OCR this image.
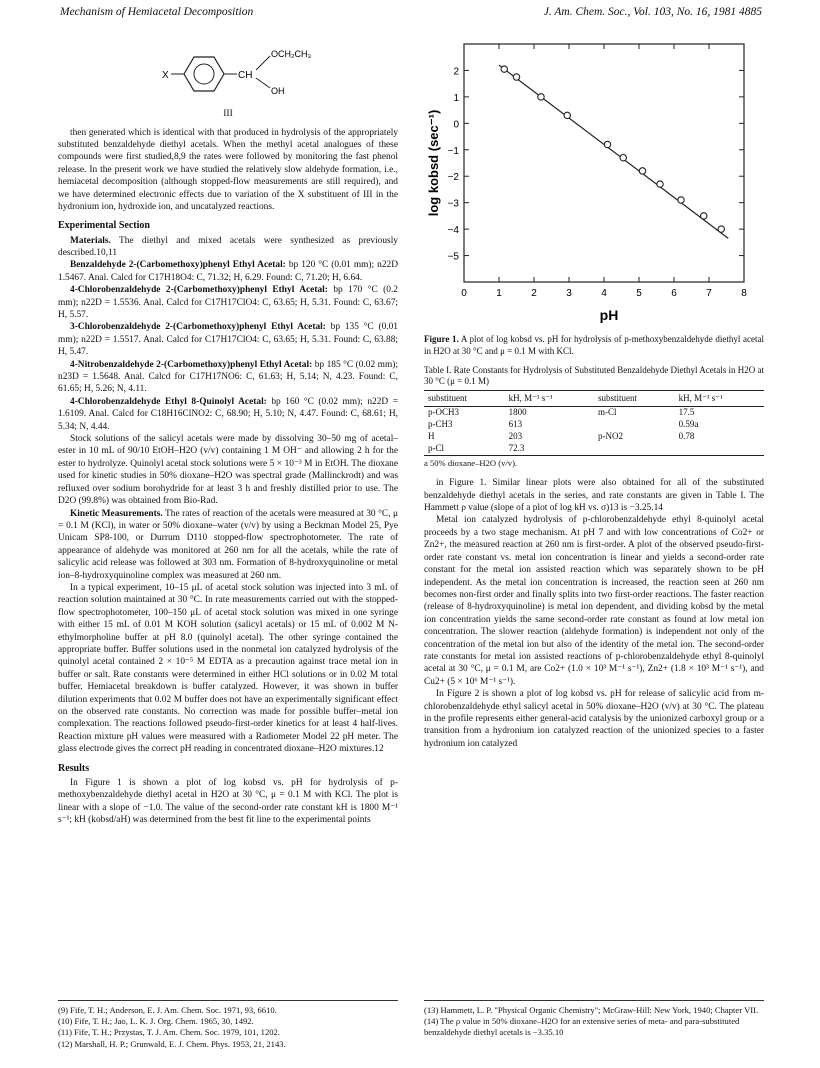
Mechanism of Hemiacetal Decomposition	J. Am. Chem. Soc., Vol. 103, No. 16, 1981 4885
X	CH
OCH₂CH₃
OH
III

then generated which is identical with that produced in hydrolysis of the appropriately substituted benzaldehyde diethyl acetals. When the methyl acetal analogues of these compounds were first studied,8,9 the rates were followed by monitoring the fast phenol release. In the present work we have studied the relatively slow aldehyde formation, i.e., hemiacetal decomposition (although stopped-flow measurements are still required), and we have determined electronic effects due to variation of the X substituent of III in the hydronium ion, hydroxide ion, and uncatalyzed reactions.

Experimental Section

Materials. The diethyl and mixed acetals were synthesized as previously described.10,11

Benzaldehyde 2-(Carbomethoxy)phenyl Ethyl Acetal: bp 120 °C (0.01 mm); n22D 1.5467. Anal. Calcd for C17H18O4: C, 71.32; H, 6.29. Found: C, 71.20; H, 6.64.

4-Chlorobenzaldehyde 2-(Carbomethoxy)phenyl Ethyl Acetal: bp 170 °C (0.2 mm); n22D = 1.5536. Anal. Calcd for C17H17ClO4: C, 63.65; H, 5.31. Found: C, 63.67; H, 5.57.

3-Chlorobenzaldehyde 2-(Carbomethoxy)phenyl Ethyl Acetal: bp 135 °C (0.01 mm); n22D = 1.5517. Anal. Calcd for C17H17ClO4: C, 63.65; H, 5.31. Found: C, 63.88; H, 5.47.

4-Nitrobenzaldehyde 2-(Carbomethoxy)phenyl Ethyl Acetal: bp 185 °C (0.02 mm); n23D = 1.5648. Anal. Calcd for C17H17NO6: C, 61.63; H, 5.14; N, 4.23. Found: C, 61.65; H, 5.26; N, 4.11.

4-Chlorobenzaldehyde Ethyl 8-Quinolyl Acetal: bp 160 °C (0.02 mm); n22D = 1.6109. Anal. Calcd for C18H16ClNO2: C, 68.90; H, 5.10; N, 4.47. Found: C, 68.61; H, 5.34; N, 4.44.

Stock solutions of the salicyl acetals were made by dissolving 30–50 mg of acetal–ester in 10 mL of 90/10 EtOH–H2O (v/v) containing 1 M OH⁻ and allowing 2 h for the ester to hydrolyze. Quinolyl acetal stock solutions were 5 × 10⁻³ M in EtOH. The dioxane used for kinetic studies in 50% dioxane–H2O was spectral grade (Mallinckrodt) and was refluxed over sodium borohydride for at least 3 h and freshly distilled prior to use. The D2O (99.8%) was obtained from Bio-Rad.

Kinetic Measurements. The rates of reaction of the acetals were measured at 30 °C, μ = 0.1 M (KCl), in water or 50% dioxane–water (v/v) by using a Beckman Model 25, Pye Unicam SP8-100, or Durrum D110 stopped-flow spectrophotometer. The rate of appearance of aldehyde was monitored at 260 nm for all the acetals, while the rate of salicylic acid release was followed at 303 nm. Formation of 8-hydroxyquinoline or metal ion–8-hydroxyquinoline complex was measured at 260 nm.

In a typical experiment, 10–15 μL of acetal stock solution was injected into 3 mL of reaction solution maintained at 30 °C. In rate measurements carried out with the stopped-flow spectrophotometer, 100–150 μL of acetal stock solution was mixed in one syringe with either 15 mL of 0.01 M KOH solution (salicyl acetals) or 15 mL of 0.002 M N-ethylmorpholine buffer at pH 8.0 (quinolyl acetal). The other syringe contained the appropriate buffer. Buffer solutions used in the nonmetal ion catalyzed hydrolysis of the quinolyl acetal contained 2 × 10⁻⁵ M EDTA as a precaution against trace metal ion in buffer or salt. Rate constants were determined in either HCl solutions or in 0.02 M total buffer. Hemiacetal breakdown is buffer catalyzed. However, it was shown in buffer dilution experiments that 0.02 M buffer does not have an experimentally significant effect on the observed rate constants. No correction was made for possible buffer–metal ion complexation. The reactions followed pseudo-first-order kinetics for at least 4 half-lives. Reaction mixture pH values were measured with a Radiometer Model 22 pH meter. The glass electrode gives the correct pH reading in concentrated dioxane–H2O mixtures.12

Results

In Figure 1 is shown a plot of log kobsd vs. pH for hydrolysis of p-methoxybenzaldehyde diethyl acetal in H2O at 30 °C, μ = 0.1 M with KCl. The plot is linear with a slope of −1.0. The value of the second-order rate constant kH is 1800 M⁻¹ s⁻¹; kH (kobsd/aH) was determined from the best fit line to the experimental points

0	1	2	3	4	5	6	7	8
2
1
0
−1
−2
−3
−4
−5
pH
log kobsd (sec⁻¹)
Figure 1. A plot of log kobsd vs. pH for hydrolysis of p-methoxybenzaldehyde diethyl acetal in H2O at 30 °C and μ = 0.1 M with KCl.
Table I. Rate Constants for Hydrolysis of Substituted Benzaldehyde Diethyl Acetals in H2O at 30 °C (μ = 0.1 M)
substituent	kH, M⁻¹ s⁻¹	substituent	kH, M⁻¹ s⁻¹
p-OCH3	1800	m-Cl	17.5
p-CH3	613		0.59a
H	203	p-NO2	0.78
p-Cl	72.3		
a 50% dioxane–H2O (v/v).

in Figure 1. Similar linear plots were also obtained for all of the substituted benzaldehyde diethyl acetals in the series, and rate constants are given in Table I. The Hammett ρ value (slope of a plot of log kH vs. σ)13 is −3.25.14

Metal ion catalyzed hydrolysis of p-chlorobenzaldehyde ethyl 8-quinolyl acetal proceeds by a two stage mechanism. At pH 7 and with low concentrations of Co2+ or Zn2+, the measured reaction at 260 nm is first-order. A plot of the observed pseudo-first-order rate constant vs. metal ion concentration is linear and yields a second-order rate constant for the metal ion assisted reaction which was separately shown to be pH independent. As the metal ion concentration is increased, the reaction seen at 260 nm becomes non-first order and finally splits into two first-order reactions. The faster reaction (release of 8-hydroxyquinoline) is metal ion dependent, and dividing kobsd by the metal ion concentration yields the same second-order rate constant as found at low metal ion concentration. The slower reaction (aldehyde formation) is independent not only of the concentration of the metal ion but also of the identity of the metal ion. The second-order rate constants for metal ion assisted reactions of p-chlorobenzaldehyde ethyl 8-quinolyl acetal at 30 °C, μ = 0.1 M, are Co2+ (1.0 × 10³ M⁻¹ s⁻¹), Zn2+ (1.8 × 10³ M⁻¹ s⁻¹), and Cu2+ (5 × 10⁶ M⁻¹ s⁻¹).

In Figure 2 is shown a plot of log kobsd vs. pH for release of salicylic acid from m-chlorobenzaldehyde ethyl salicyl acetal in 50% dioxane–H2O (v/v) at 30 °C. The plateau in the profile represents either general-acid catalysis by the unionized carboxyl group or a transition from a hydronium ion catalyzed reaction of the unionized species to a faster hydronium ion catalyzed

(9) Fife, T. H.; Anderson, E. J. Am. Chem. Soc. 1971, 93, 6610.
(10) Fife, T. H.; Jao, L. K. J. Org. Chem. 1965, 30, 1492.
(11) Fife, T. H.; Przystas, T. J. Am. Chem. Soc. 1979, 101, 1202.
(12) Marshall, H. P.; Grunwald, E. J. Chem. Phys. 1953, 21, 2143.
(13) Hammett, L. P. "Physical Organic Chemistry"; McGraw-Hill: New York, 1940; Chapter VII.
(14) The ρ value in 50% dioxane–H2O for an extensive series of meta- and para-substituted benzaldehyde diethyl acetals is −3.35.10
